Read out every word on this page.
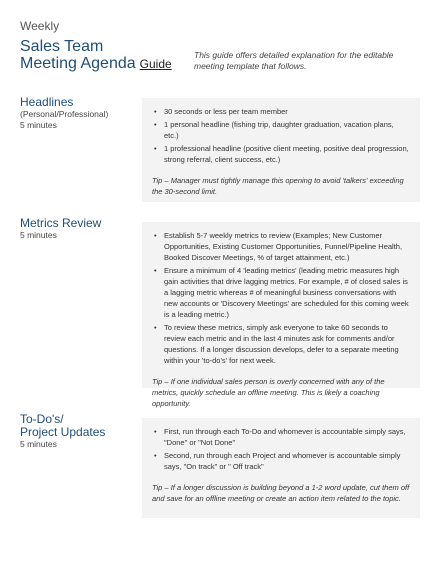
Weekly
Sales Team
Meeting Agenda Guide
This guide offers detailed explanation for the editable meeting template that follows.
Headlines
(Personal/Professional)
5 minutes
• 30 seconds or less per team member
• 1 personal headline (fishing trip, daughter graduation, vacation plans, etc.)
• 1 professional headline (positive client meeting, positive deal progression, strong referral, client success, etc.)
Tip – Manager must tightly manage this opening to avoid 'talkers' exceeding the 30-second limit.
Metrics Review
5 minutes
•	Establish 5-7 weekly metrics to review (Examples; New Customer Opportunities, Existing Customer Opportunities, Funnel/Pipeline Health, Booked Discover Meetings, % of target attainment, etc.)
• Ensure a minimum of 4 'leading metrics' (leading metric measures high gain activities that drive lagging metrics. For example, # of closed sales is a lagging metric whereas # of meaningful business conversations with new accounts or 'Discovery Meetings' are scheduled for this coming week is a leading metric.)
• To review these metrics, simply ask everyone to take 60 seconds to review each metric and in the last 4 minutes ask for comments and/or questions. If a longer discussion develops, defer to a separate meeting within your 'to-do's' for next week.
Tip – If one individual sales person is overly concerned with any of the metrics, quickly schedule an offline meeting. This is likely a coaching opportunity.
To-Do's/
Project Updates
5 minutes
• First, run through each To-Do and whomever is accountable simply says, "Done" or "Not Done"
• Second, run through each Project and whomever is accountable simply says, "On track" or " Off track"
Tip – If a longer discussion is building beyond a 1-2 word update, cut them off and save for an offline meeting or create an action item related to the topic.
